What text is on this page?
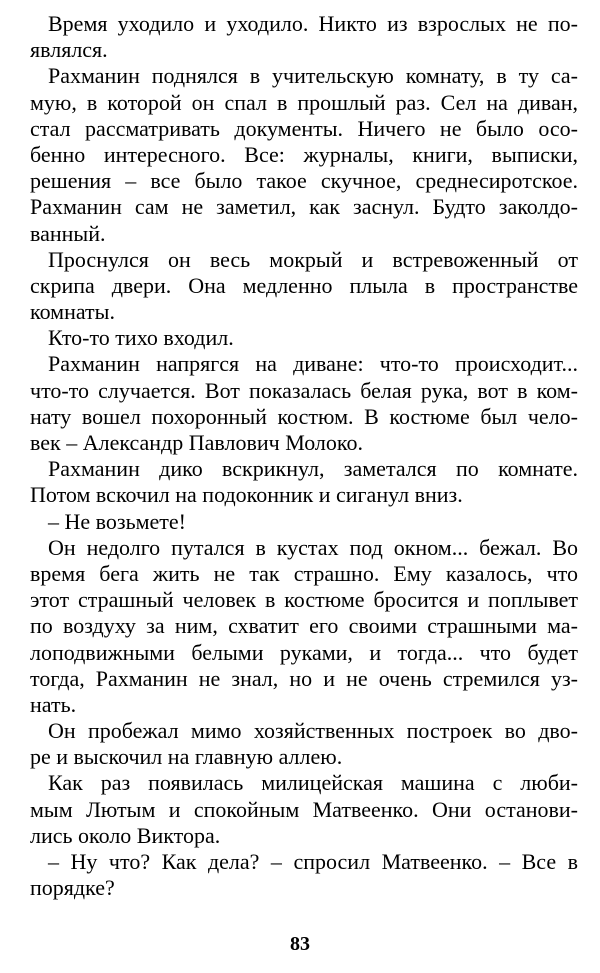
Время уходило и уходило. Никто из взрослых не по-
являлся.
Рахманин поднялся в учительскую комнату, в ту са-
мую, в которой он спал в прошлый раз. Сел на диван,
стал рассматривать документы. Ничего не было осо-
бенно интересного. Все: журналы, книги, выписки,
решения – все было такое скучное, среднесиротское.
Рахманин сам не заметил, как заснул. Будто заколдо-
ванный.
Проснулся он весь мокрый и встревоженный от
скрипа двери. Она медленно плыла в пространстве
комнаты.
Кто-то тихо входил.
Рахманин напрягся на диване: что-то происходит...
что-то случается. Вот показалась белая рука, вот в ком-
нату вошел похоронный костюм. В костюме был чело-
век – Александр Павлович Молоко.
Рахманин дико вскрикнул, заметался по комнате.
Потом вскочил на подоконник и сиганул вниз.
– Не возьмете!
Он недолго путался в кустах под окном... бежал. Во
время бега жить не так страшно. Ему казалось, что
этот страшный человек в костюме бросится и поплывет
по воздуху за ним, схватит его своими страшными ма-
лоподвижными белыми руками, и тогда... что будет
тогда, Рахманин не знал, но и не очень стремился уз-
нать.
Он пробежал мимо хозяйственных построек во дво-
ре и выскочил на главную аллею.
Как раз появилась милицейская машина с люби-
мым Лютым и спокойным Матвеенко. Они останови-
лись около Виктора.
– Ну что? Как дела? – спросил Матвеенко. – Все в
порядке?
83
